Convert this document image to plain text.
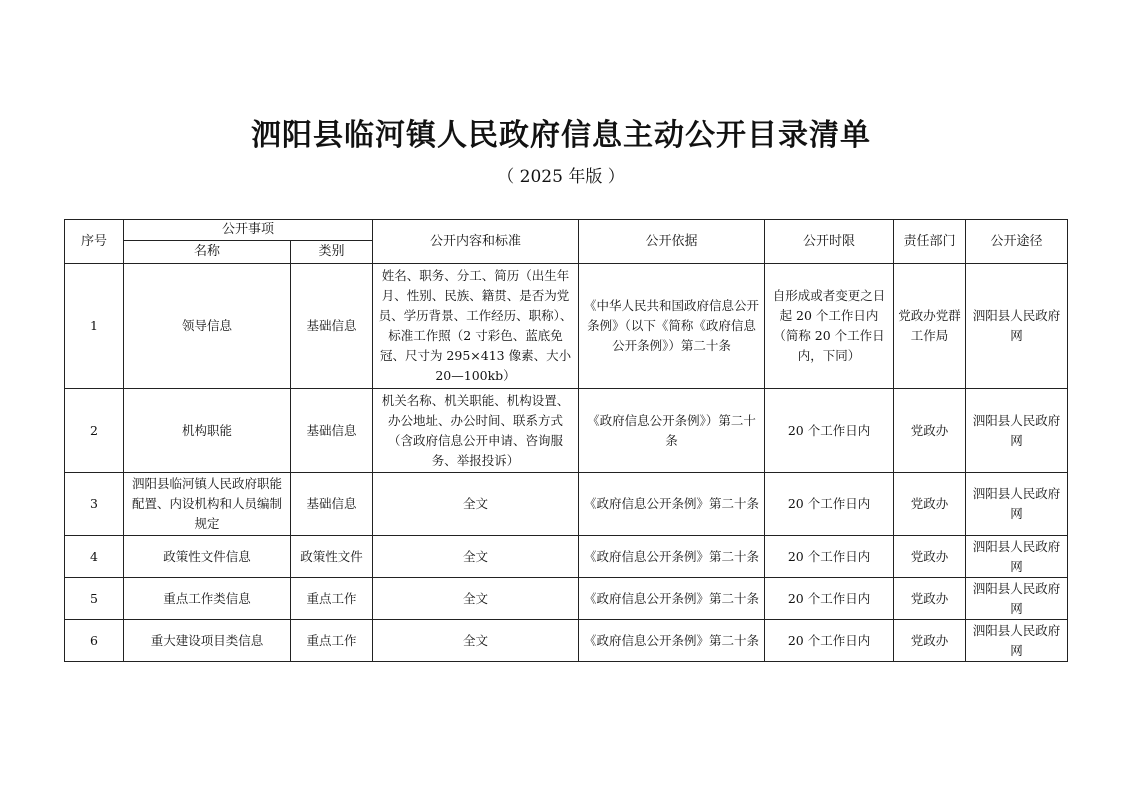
泗阳县临河镇人民政府信息主动公开目录清单
（ 2025 年版 ）
序号	公开事项		公开内容和标准	公开依据	公开时限	责任部门	公开途径
	名称	类别					
1	领导信息	基础信息	姓名、职务、分工、简历（出生年月、性别、民族、籍贯、是否为党员、学历背景、工作经历、职称）、标准工作照（2 寸彩色、蓝底免冠、尺寸为 295×413 像素、大小 20—100kb）	《中华人民共和国政府信息公开条例》（以下《简称《政府信息公开条例》）第二十条	自形成或者变更之日起 20 个工作日内（简称 20 个工作日内，下同）	党政办党群工作局	泗阳县人民政府网
2	机构职能	基础信息	机关名称、机关职能、机构设置、办公地址、办公时间、联系方式（含政府信息公开申请、咨询服务、举报投诉）	《政府信息公开条例》）第二十条	20 个工作日内	党政办	泗阳县人民政府网
3	泗阳县临河镇人民政府职能配置、内设机构和人员编制规定	基础信息	全文	《政府信息公开条例》第二十条	20 个工作日内	党政办	泗阳县人民政府网
4	政策性文件信息	政策性文件	全文	《政府信息公开条例》第二十条	20 个工作日内	党政办	泗阳县人民政府网
5	重点工作类信息	重点工作	全文	《政府信息公开条例》第二十条	20 个工作日内	党政办	泗阳县人民政府网
6	重大建设项目类信息	重点工作	全文	《政府信息公开条例》第二十条	20 个工作日内	党政办	泗阳县人民政府网
